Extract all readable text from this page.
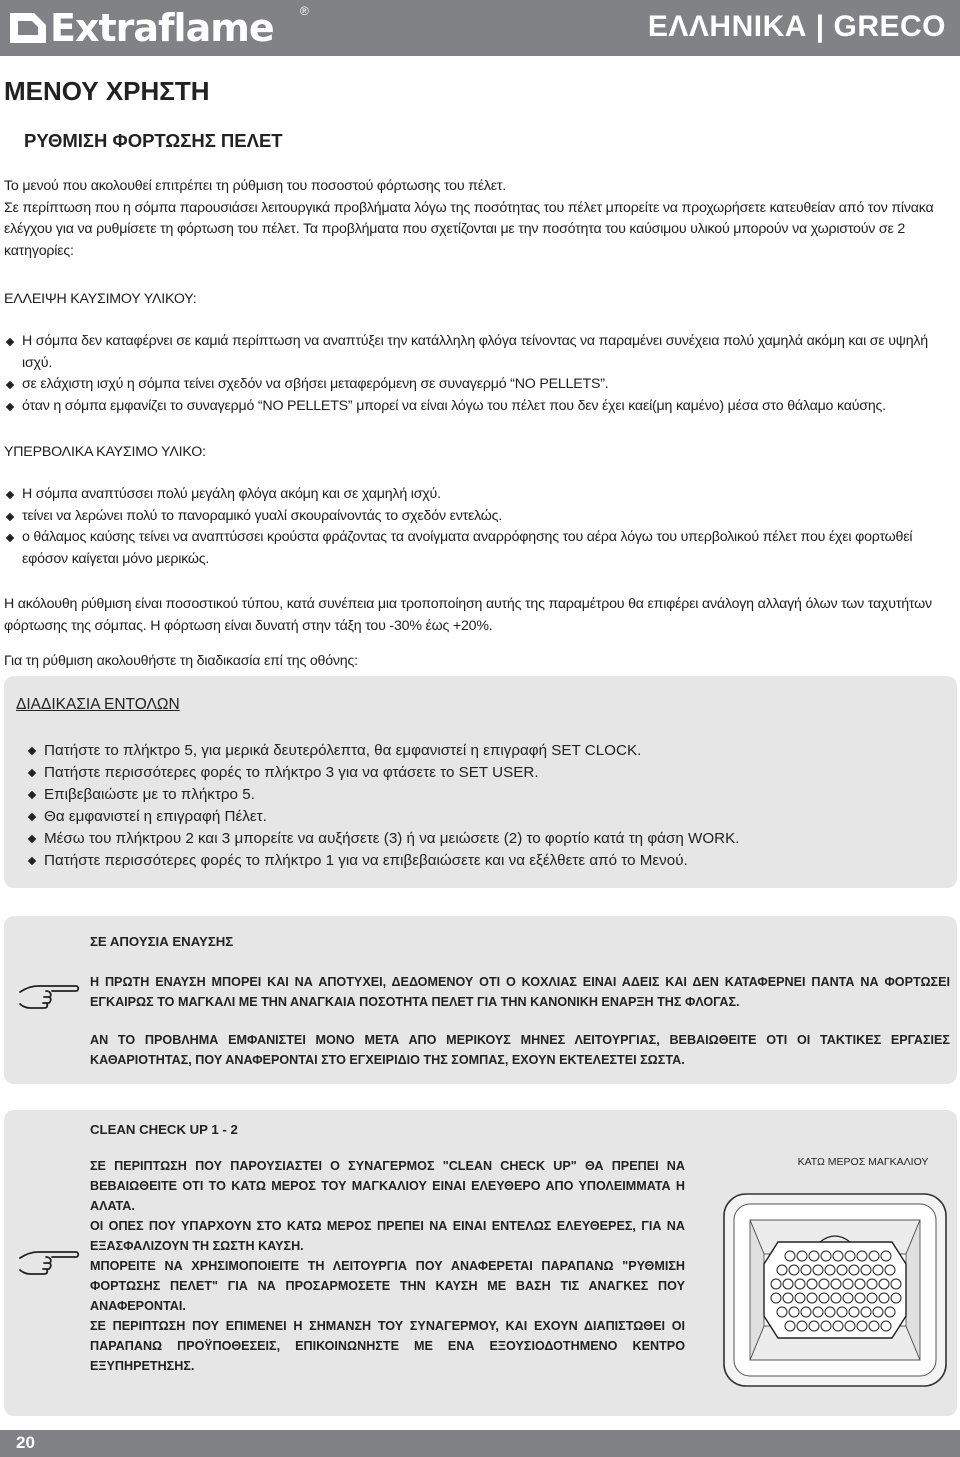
Extraflame ®	ΕΛΛΗΝΙΚΑ | GRECO
ΜΕΝΟΥ ΧΡΗΣΤΗ
ΡΥΘΜΙΣΗ ΦΟΡΤΩΣΗΣ ΠΕΛΕΤ
Το μενού που ακολουθεί επιτρέπει τη ρύθμιση του ποσοστού φόρτωσης του πέλετ.
Σε περίπτωση που η σόμπα παρουσιάσει λειτουργικά προβλήματα λόγω της ποσότητας του πέλετ μπορείτε να προχωρήσετε κατευθείαν από τον πίνακα ελέγχου για να ρυθμίσετε τη φόρτωση του πέλετ. Τα προβλήματα που σχετίζονται με την ποσότητα του καύσιμου υλικού μπορούν να χωριστούν σε 2 κατηγορίες:
ΕΛΛΕΙΨΗ ΚΑΥΣΙΜΟΥ ΥΛΙΚΟΥ:
Η σόμπα δεν καταφέρνει σε καμιά περίπτωση να αναπτύξει την κατάλληλη φλόγα τείνοντας να παραμένει συνέχεια πολύ χαμηλά ακόμη και σε υψηλή ισχύ.
σε ελάχιστη ισχύ η σόμπα τείνει σχεδόν να σβήσει μεταφερόμενη σε συναγερμό “NO PELLETS”.
όταν η σόμπα εμφανίζει το συναγερμό “NO PELLETS” μπορεί να είναι λόγω του πέλετ που δεν έχει καεί(μη καμένο) μέσα στο θάλαμο καύσης.
ΥΠΕΡΒΟΛΙΚΑ ΚΑΥΣΙΜΟ ΥΛΙΚΟ:
Η σόμπα αναπτύσσει πολύ μεγάλη φλόγα ακόμη και σε χαμηλή ισχύ.
τείνει να λερώνει πολύ το πανοραμικό γυαλί σκουραίνοντάς το σχεδόν εντελώς.
ο θάλαμος καύσης τείνει να αναπτύσσει κρούστα φράζοντας τα ανοίγματα αναρρόφησης του αέρα λόγω του υπερβολικού πέλετ που έχει φορτωθεί εφόσον καίγεται μόνο μερικώς.
Η ακόλουθη ρύθμιση είναι ποσοστικού τύπου, κατά συνέπεια μια τροποποίηση αυτής της παραμέτρου θα επιφέρει ανάλογη αλλαγή όλων των ταχυτήτων φόρτωσης της σόμπας. Η φόρτωση είναι δυνατή στην τάξη του -30% έως +20%.
Για τη ρύθμιση ακολουθήστε τη διαδικασία επί της οθόνης:
ΔΙΑΔΙΚΑΣΙΑ ΕΝΤΟΛΩΝ
Πατήστε το πλήκτρο 5, για μερικά δευτερόλεπτα, θα εμφανιστεί η επιγραφή SET CLOCK.
Πατήστε περισσότερες φορές το πλήκτρο 3 για να φτάσετε το SET USER.
Επιβεβαιώστε με το πλήκτρο 5.
Θα εμφανιστεί η επιγραφή Πέλετ.
Μέσω του πλήκτρου 2 και 3 μπορείτε να αυξήσετε (3) ή να μειώσετε (2) το φορτίο κατά τη φάση WORK.
Πατήστε περισσότερες φορές το πλήκτρο 1 για να επιβεβαιώσετε και να εξέλθετε από το Μενού.

ΣΕ ΑΠΟΥΣΙΑ ΕΝΑΥΣΗΣ

Η ΠΡΩΤΗ ΕΝΑΥΣΗ ΜΠΟΡΕΙ ΚΑΙ ΝΑ ΑΠΟΤΥΧΕΙ, ΔΕΔΟΜΕΝΟΥ ΟΤΙ Ο ΚΟΧΛΙΑΣ ΕΙΝΑΙ ΑΔΕΙΣ ΚΑΙ ΔΕΝ ΚΑΤΑΦΕΡΝΕΙ ΠΑΝΤΑ ΝΑ ΦΟΡΤΩΣΕΙ ΕΓΚΑΙΡΩΣ ΤΟ ΜΑΓΚΑΛΙ ΜΕ ΤΗΝ ΑΝΑΓΚΑΙΑ ΠΟΣΟΤΗΤΑ ΠΕΛΕΤ ΓΙΑ ΤΗΝ ΚΑΝΟΝΙΚΗ ΕΝΑΡΞΗ ΤΗΣ ΦΛΟΓΑΣ.

ΑΝ ΤΟ ΠΡΟΒΛΗΜΑ ΕΜΦΑΝΙΣΤΕΙ ΜΟΝΟ ΜΕΤΑ ΑΠΟ ΜΕΡΙΚΟΥΣ ΜΗΝΕΣ ΛΕΙΤΟΥΡΓΙΑΣ, ΒΕΒΑΙΩΘΕΙΤΕ ΟΤΙ ΟΙ ΤΑΚΤΙΚΕΣ ΕΡΓΑΣΙΕΣ ΚΑΘΑΡΙΟΤΗΤΑΣ, ΠΟΥ ΑΝΑΦΕΡΟΝΤΑΙ ΣΤΟ ΕΓΧΕΙΡΙΔΙΟ ΤΗΣ ΣΟΜΠΑΣ, ΕΧΟΥΝ ΕΚΤΕΛΕΣΤΕΙ ΣΩΣΤΑ.

CLEAN CHECK UP 1 - 2

ΣΕ ΠΕΡΙΠΤΩΣΗ ΠΟΥ ΠΑΡΟΥΣΙΑΣΤΕΙ Ο ΣΥΝΑΓΕΡΜΟΣ "CLEAN CHECK UP" ΘΑ ΠΡΕΠΕΙ ΝΑ ΒΕΒΑΙΩΘΕΙΤΕ ΟΤΙ ΤΟ ΚΑΤΩ ΜΕΡΟΣ ΤΟΥ ΜΑΓΚΑΛΙΟΥ ΕΙΝΑΙ ΕΛΕΥΘΕΡΟ ΑΠΟ ΥΠΟΛΕΙΜΜΑΤΑ Η ΑΛΑΤΑ.

ΟΙ ΟΠΕΣ ΠΟΥ ΥΠΑΡΧΟΥΝ ΣΤΟ ΚΑΤΩ ΜΕΡΟΣ ΠΡΕΠΕΙ ΝΑ ΕΙΝΑΙ ΕΝΤΕΛΩΣ ΕΛΕΥΘΕΡΕΣ, ΓΙΑ ΝΑ ΕΞΑΣΦΑΛΙΖΟΥΝ ΤΗ ΣΩΣΤΗ ΚΑΥΣΗ.

ΜΠΟΡΕΙΤΕ ΝΑ ΧΡΗΣΙΜΟΠΟΙΕΙΤΕ ΤΗ ΛΕΙΤΟΥΡΓΙΑ ΠΟΥ ΑΝΑΦΕΡΕΤΑΙ ΠΑΡΑΠΑΝΩ "ΡΥΘΜΙΣΗ ΦΟΡΤΩΣΗΣ ΠΕΛΕΤ" ΓΙΑ ΝΑ ΠΡΟΣΑΡΜΟΣΕΤΕ ΤΗΝ ΚΑΥΣΗ ΜΕ ΒΑΣΗ ΤΙΣ ΑΝΑΓΚΕΣ ΠΟΥ ΑΝΑΦΕΡΟΝΤΑΙ.

ΣΕ ΠΕΡΙΠΤΩΣΗ ΠΟΥ ΕΠΙΜΕΝΕΙ Η ΣΗΜΑΝΣΗ ΤΟΥ ΣΥΝΑΓΕΡΜΟΥ, ΚΑΙ ΕΧΟΥΝ ΔΙΑΠΙΣΤΩΘΕΙ ΟΙ ΠΑΡΑΠΑΝΩ ΠΡΟΫΠΟΘΕΣΕΙΣ, ΕΠΙΚΟΙΝΩΝΗΣΤΕ ΜΕ ΕΝΑ ΕΞΟΥΣΙΟΔΟΤΗΜΕΝΟ ΚΕΝΤΡΟ ΕΞΥΠΗΡΕΤΗΣΗΣ.

ΚΑΤΩ ΜΕΡΟΣ ΜΑΓΚΑΛΙΟΥ
20
